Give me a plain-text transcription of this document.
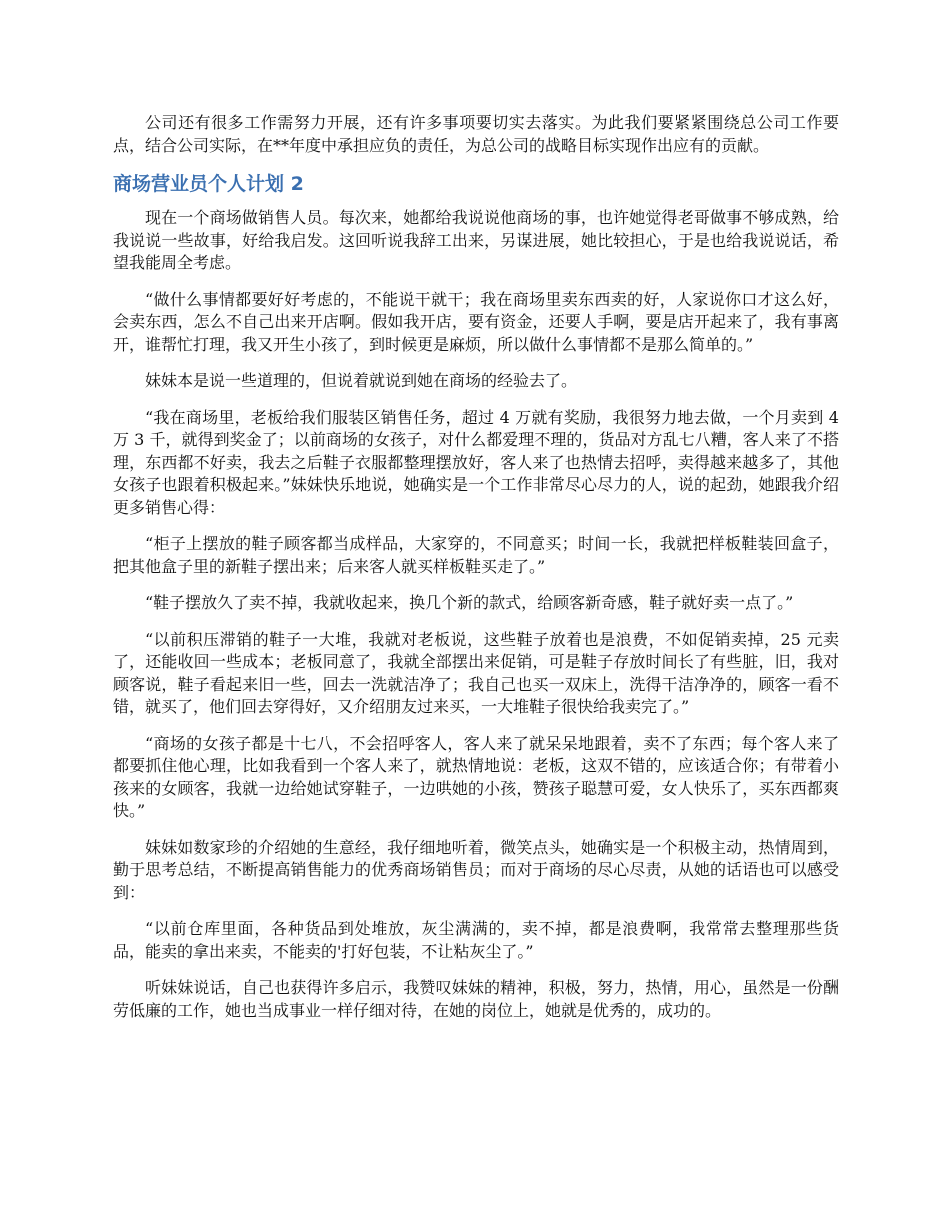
公司还有很多工作需努力开展，还有许多事项要切实去落实。为此我们要紧紧围绕总公司工作要点，结合公司实际，在**年度中承担应负的责任，为总公司的战略目标实现作出应有的贡献。

商场营业员个人计划 2

现在一个商场做销售人员。每次来，她都给我说说他商场的事，也许她觉得老哥做事不够成熟，给我说说一些故事，好给我启发。这回听说我辞工出来，另谋进展，她比较担心，于是也给我说说话，希望我能周全考虑。

“做什么事情都要好好考虑的，不能说干就干；我在商场里卖东西卖的好，人家说你口才这么好，会卖东西，怎么不自己出来开店啊。假如我开店，要有资金，还要人手啊，要是店开起来了，我有事离开，谁帮忙打理，我又开生小孩了，到时候更是麻烦，所以做什么事情都不是那么简单的。”

妹妹本是说一些道理的，但说着就说到她在商场的经验去了。

“我在商场里，老板给我们服装区销售任务，超过 4 万就有奖励，我很努力地去做，一个月卖到 4 万 3 千，就得到奖金了；以前商场的女孩子，对什么都爱理不理的，货品对方乱七八糟，客人来了不搭理，东西都不好卖，我去之后鞋子衣服都整理摆放好，客人来了也热情去招呼，卖得越来越多了，其他女孩子也跟着积极起来。”妹妹快乐地说，她确实是一个工作非常尽心尽力的人，说的起劲，她跟我介绍更多销售心得：

“柜子上摆放的鞋子顾客都当成样品，大家穿的，不同意买；时间一长，我就把样板鞋装回盒子，把其他盒子里的新鞋子摆出来；后来客人就买样板鞋买走了。”

“鞋子摆放久了卖不掉，我就收起来，换几个新的款式，给顾客新奇感，鞋子就好卖一点了。”

“以前积压滞销的鞋子一大堆，我就对老板说，这些鞋子放着也是浪费，不如促销卖掉，25 元卖了，还能收回一些成本；老板同意了，我就全部摆出来促销，可是鞋子存放时间长了有些脏，旧，我对顾客说，鞋子看起来旧一些，回去一洗就洁净了；我自己也买一双床上，洗得干洁净净的，顾客一看不错，就买了，他们回去穿得好，又介绍朋友过来买，一大堆鞋子很快给我卖完了。”

“商场的女孩子都是十七八，不会招呼客人，客人来了就呆呆地跟着，卖不了东西；每个客人来了都要抓住他心理，比如我看到一个客人来了，就热情地说：老板，这双不错的，应该适合你；有带着小孩来的女顾客，我就一边给她试穿鞋子，一边哄她的小孩，赞孩子聪慧可爱，女人快乐了，买东西都爽快。”

妹妹如数家珍的介绍她的生意经，我仔细地听着，微笑点头，她确实是一个积极主动，热情周到，勤于思考总结，不断提高销售能力的优秀商场销售员；而对于商场的尽心尽责，从她的话语也可以感受到：

“以前仓库里面，各种货品到处堆放，灰尘满满的，卖不掉，都是浪费啊，我常常去整理那些货品，能卖的拿出来卖，不能卖的'打好包装，不让粘灰尘了。”

听妹妹说话，自己也获得许多启示，我赞叹妹妹的精神，积极，努力，热情，用心，虽然是一份酬劳低廉的工作，她也当成事业一样仔细对待，在她的岗位上，她就是优秀的，成功的。
